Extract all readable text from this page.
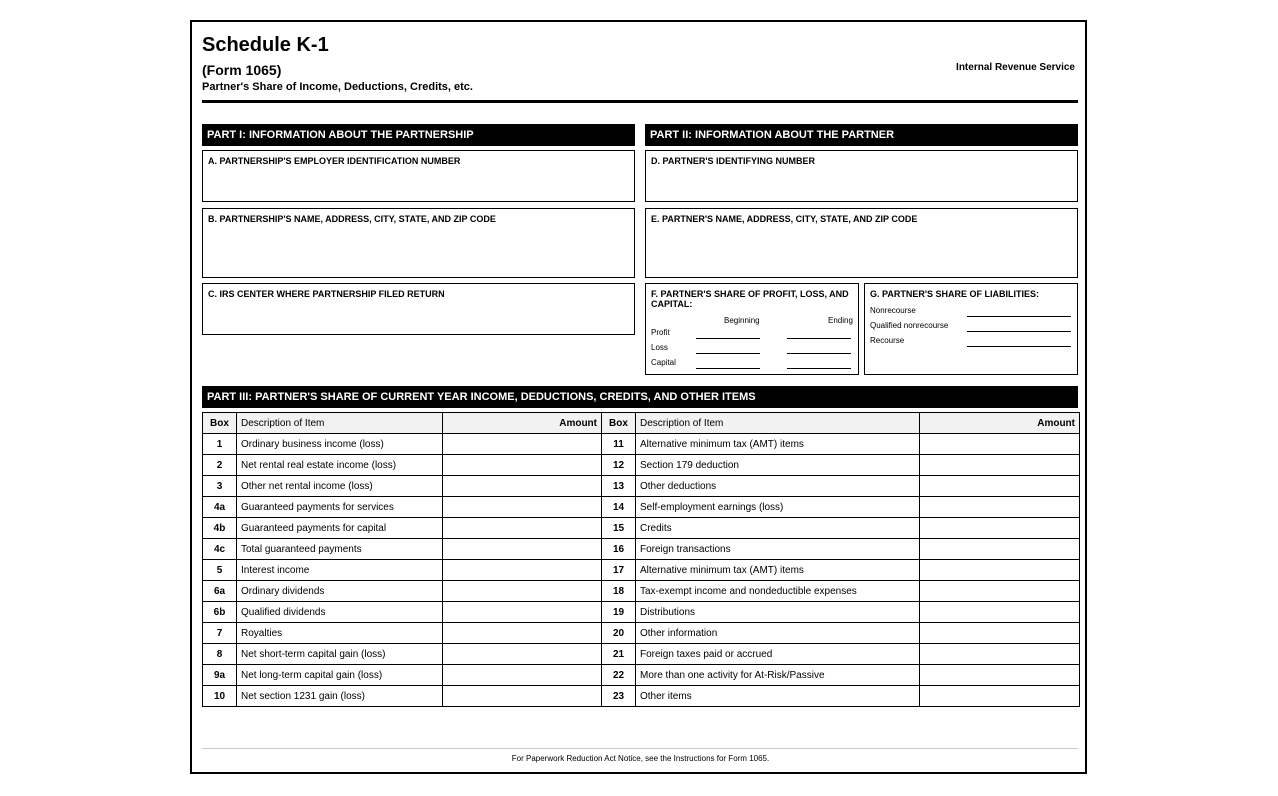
Schedule K-1
(Form 1065)
Partner's Share of Income, Deductions, Credits, etc.
Internal Revenue Service
PART I: INFORMATION ABOUT THE PARTNERSHIP
A. PARTNERSHIP'S EMPLOYER IDENTIFICATION NUMBER
B. PARTNERSHIP'S NAME, ADDRESS, CITY, STATE, AND ZIP CODE
C. IRS CENTER WHERE PARTNERSHIP FILED RETURN
PART II: INFORMATION ABOUT THE PARTNER
D. PARTNER'S IDENTIFYING NUMBER
E. PARTNER'S NAME, ADDRESS, CITY, STATE, AND ZIP CODE
F. PARTNER'S SHARE OF PROFIT, LOSS, AND CAPITAL:
Beginning	Ending
Profit
Loss
Capital
G. PARTNER'S SHARE OF LIABILITIES:
Nonrecourse
Qualified nonrecourse
Recourse
PART III: PARTNER'S SHARE OF CURRENT YEAR INCOME, DEDUCTIONS, CREDITS, AND OTHER ITEMS
Box	Description of Item	Amount	Box	Description of Item	Amount
1	Ordinary business income (loss)		11	Alternative minimum tax (AMT) items	
2	Net rental real estate income (loss)		12	Section 179 deduction	
3	Other net rental income (loss)		13	Other deductions	
4a	Guaranteed payments for services		14	Self-employment earnings (loss)	
4b	Guaranteed payments for capital		15	Credits	
4c	Total guaranteed payments		16	Foreign transactions	
5	Interest income		17	Alternative minimum tax (AMT) items	
6a	Ordinary dividends		18	Tax-exempt income and nondeductible expenses	
6b	Qualified dividends		19	Distributions	
7	Royalties		20	Other information	
8	Net short-term capital gain (loss)		21	Foreign taxes paid or accrued	
9a	Net long-term capital gain (loss)		22	More than one activity for At-Risk/Passive	
10	Net section 1231 gain (loss)		23	Other items	
For Paperwork Reduction Act Notice, see the Instructions for Form 1065.
